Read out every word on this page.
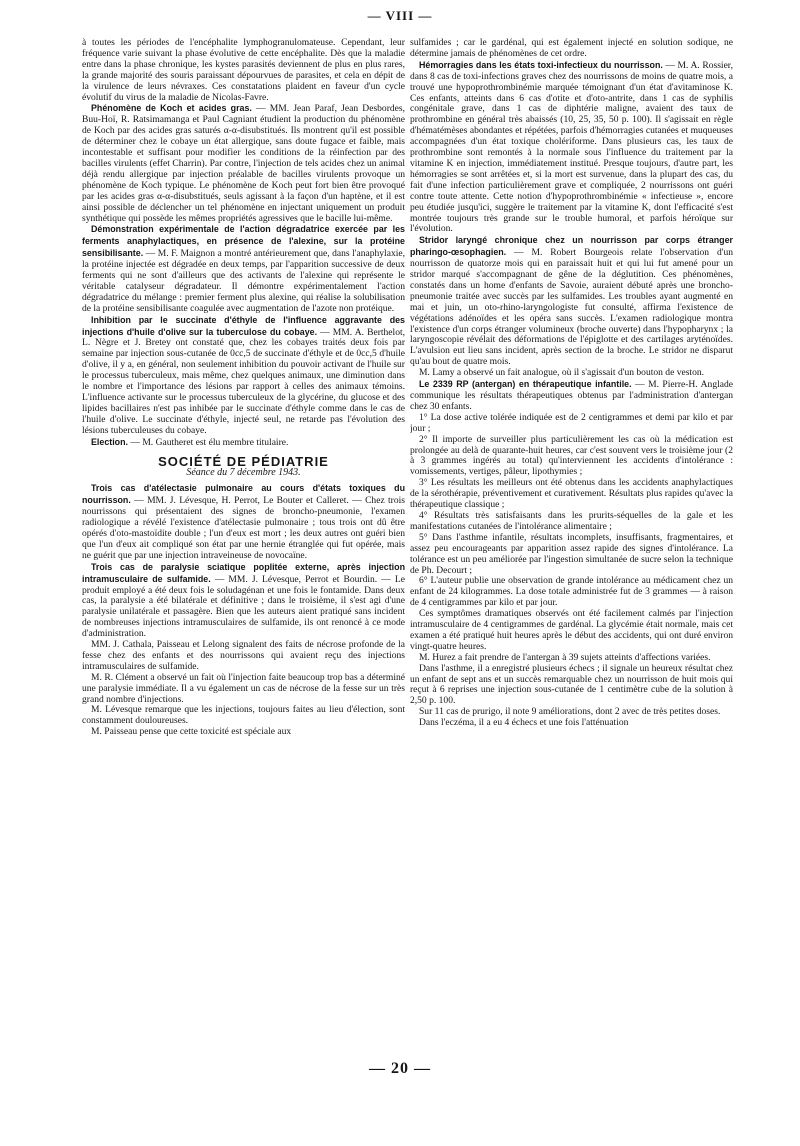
— VIII —

à toutes les périodes de l'encéphalite lymphogranulomateuse. Cependant, leur fréquence varie suivant la phase évolutive de cette encéphalite. Dès que la maladie entre dans la phase chronique, les kystes parasités deviennent de plus en plus rares, la grande majorité des souris paraissant dépourvues de parasites, et cela en dépit de la virulence de leurs névraxes. Ces constatations plaident en faveur d'un cycle évolutif du virus de la maladie de Nicolas-Favre.

Phénomène de Koch et acides gras. — MM. Jean Paraf, Jean Desbordes, Buu-Hoï, R. Ratsimamanga et Paul Cagniant étudient la production du phénomène de Koch par des acides gras saturés α-α-disubstitués. Ils montrent qu'il est possible de déterminer chez le cobaye un état allergique, sans doute fugace et faible, mais incontestable et suffisant pour modifier les conditions de la réinfection par des bacilles virulents (effet Charrin). Par contre, l'injection de tels acides chez un animal déjà rendu allergique par injection préalable de bacilles virulents provoque un phénomène de Koch typique. Le phénomène de Koch peut fort bien être provoqué par les acides gras α-α-disubstitués, seuls agissant à la façon d'un haptène, et il est ainsi possible de déclencher un tel phénomène en injectant uniquement un produit synthétique qui possède les mêmes propriétés agressives que le bacille lui-même.

Démonstration expérimentale de l'action dégradatrice exercée par les ferments anaphylactiques, en présence de l'alexine, sur la protéine sensibilisante. — M. F. Maignon a montré antérieurement que, dans l'anaphylaxie, la protéine injectée est dégradée en deux temps, par l'apparition successive de deux ferments qui ne sont d'ailleurs que des activants de l'alexine qui représente le véritable catalyseur dégradateur. Il démontre expérimentalement l'action dégradatrice du mélange : premier ferment plus alexine, qui réalise la solubilisation de la protéine sensibilisante coagulée avec augmentation de l'azote non protéique.

Inhibition par le succinate d'éthyle de l'influence aggravante des injections d'huile d'olive sur la tuberculose du cobaye. — MM. A. Berthelot, L. Nègre et J. Bretey ont constaté que, chez les cobayes traités deux fois par semaine par injection sous-cutanée de 0cc,5 de succinate d'éthyle et de 0cc,5 d'huile d'olive, il y a, en général, non seulement inhibition du pouvoir activant de l'huile sur le processus tuberculeux, mais même, chez quelques animaux, une diminution dans le nombre et l'importance des lésions par rapport à celles des animaux témoins. L'influence activante sur le processus tuberculeux de la glycérine, du glucose et des lipides bacillaires n'est pas inhibée par le succinate d'éthyle comme dans le cas de l'huile d'olive. Le succinate d'éthyle, injecté seul, ne retarde pas l'évolution des lésions tuberculeuses du cobaye.

Election. — M. Gautheret est élu membre titulaire.

SOCIÉTÉ DE PÉDIATRIE
Séance du 7 décembre 1943.

Trois cas d'atélectasie pulmonaire au cours d'états toxiques du nourrisson. — MM. J. Lévesque, H. Perrot, Le Bouter et Calleret. — Chez trois nourrissons qui présentaient des signes de broncho-pneumonie, l'examen radiologique a révélé l'existence d'atélectasie pulmonaire ; tous trois ont dû être opérés d'oto-mastoïdite double ; l'un d'eux est mort ; les deux autres ont guéri bien que l'un d'eux ait compliqué son état par une hernie étranglée qui fut opérée, mais ne guérit que par une injection intraveineuse de novocaïne.

Trois cas de paralysie sciatique poplitée externe, après injection intramusculaire de sulfamide. — MM. J. Lévesque, Perrot et Bourdin. — Le produit employé a été deux fois le soludagénan et une fois le fontamide. Dans deux cas, la paralysie a été bilatérale et définitive ; dans le troisième, il s'est agi d'une paralysie unilatérale et passagère. Bien que les auteurs aient pratiqué sans incident de nombreuses injections intramusculaires de sulfamide, ils ont renoncé à ce mode d'administration.

MM. J. Cathala, Paisseau et Lelong signalent des faits de nécrose profonde de la fesse chez des enfants et des nourrissons qui avaient reçu des injections intramusculaires de sulfamide.

M. R. Clément a observé un fait où l'injection faite beaucoup trop bas a déterminé une paralysie immédiate. Il a vu également un cas de nécrose de la fesse sur un très grand nombre d'injections.

M. Lévesque remarque que les injections, toujours faites au lieu d'élection, sont constamment douloureuses.

M. Paisseau pense que cette toxicité est spéciale aux

sulfamides ; car le gardénal, qui est également injecté en solution sodique, ne détermine jamais de phénomènes de cet ordre.

Hémorragies dans les états toxi-infectieux du nourrisson. — M. A. Rossier, dans 8 cas de toxi-infections graves chez des nourrissons de moins de quatre mois, a trouvé une hypoprothrombinémie marquée témoignant d'un état d'avitaminose K. Ces enfants, atteints dans 6 cas d'otite et d'oto-antrite, dans 1 cas de syphilis congénitale grave, dans 1 cas de diphtérie maligne, avaient des taux de prothrombine en général très abaissés (10, 25, 35, 50 p. 100). Il s'agissait en règle d'hématémèses abondantes et répétées, parfois d'hémorragies cutanées et muqueuses accompagnées d'un état toxique cholériforme. Dans plusieurs cas, les taux de prothrombine sont remontés à la normale sous l'influence du traitement par la vitamine K en injection, immédiatement institué. Presque toujours, d'autre part, les hémorragies se sont arrêtées et, si la mort est survenue, dans la plupart des cas, du fait d'une infection particulièrement grave et compliquée, 2 nourrissons ont guéri contre toute attente. Cette notion d'hypoprothrombinémie « infectieuse », encore peu étudiée jusqu'ici, suggère le traitement par la vitamine K, dont l'efficacité s'est montrée toujours très grande sur le trouble humoral, et parfois héroïque sur l'évolution.

Stridor laryngé chronique chez un nourrisson par corps étranger pharingo-œsophagien. — M. Robert Bourgeois relate l'observation d'un nourrisson de quatorze mois qui en paraissait huit et qui lui fut amené pour un stridor marqué s'accompagnant de gêne de la déglutition. Ces phénomènes, constatés dans un home d'enfants de Savoie, auraient débuté après une broncho-pneumonie traitée avec succès par les sulfamides. Les troubles ayant augmenté en mai et juin, un oto-rhino-laryngologiste fut consulté, affirma l'existence de végétations adénoïdes et les opéra sans succès. L'examen radiologique montra l'existence d'un corps étranger volumineux (broche ouverte) dans l'hypopharynx ; la laryngoscopie révélait des déformations de l'épiglotte et des cartilages aryténoïdes. L'avulsion eut lieu sans incident, après section de la broche. Le stridor ne disparut qu'au bout de quatre mois.

M. Lamy a observé un fait analogue, où il s'agissait d'un bouton de veston.

Le 2339 RP (antergan) en thérapeutique infantile. — M. Pierre-H. Anglade communique les résultats thérapeutiques obtenus par l'administration d'antergan chez 30 enfants.

1° La dose active tolérée indiquée est de 2 centigrammes et demi par kilo et par jour ;

2° Il importe de surveiller plus particulièrement les cas où la médication est prolongée au delà de quarante-huit heures, car c'est souvent vers le troisième jour (2 à 3 grammes ingérés au total) qu'interviennent les accidents d'intolérance : vomissements, vertiges, pâleur, lipothymies ;

3° Les résultats les meilleurs ont été obtenus dans les accidents anaphylactiques de la sérothérapie, préventivement et curativement. Résultats plus rapides qu'avec la thérapeutique classique ;

4° Résultats très satisfaisants dans les prurits-séquelles de la gale et les manifestations cutanées de l'intolérance alimentaire ;

5° Dans l'asthme infantile, résultats incomplets, insuffisants, fragmentaires, et assez peu encourageants par apparition assez rapide des signes d'intolérance. La tolérance est un peu améliorée par l'ingestion simultanée de sucre selon la technique de Ph. Decourt ;

6° L'auteur publie une observation de grande intolérance au médicament chez un enfant de 24 kilogrammes. La dose totale administrée fut de 3 grammes — à raison de 4 centigrammes par kilo et par jour.

Ces symptômes dramatiques observés ont été facilement calmés par l'injection intramusculaire de 4 centigrammes de gardénal. La glycémie était normale, mais cet examen a été pratiqué huit heures après le début des accidents, qui ont duré environ vingt-quatre heures.

M. Hurez a fait prendre de l'antergan à 39 sujets atteints d'affections variées.

Dans l'asthme, il a enregistré plusieurs échecs ; il signale un heureux résultat chez un enfant de sept ans et un succès remarquable chez un nourrisson de huit mois qui reçut à 6 reprises une injection sous-cutanée de 1 centimètre cube de la solution à 2,50 p. 100.

Sur 11 cas de prurigo, il note 9 améliorations, dont 2 avec de très petites doses.

Dans l'eczéma, il a eu 4 échecs et une fois l'atténuation

— 20 —
